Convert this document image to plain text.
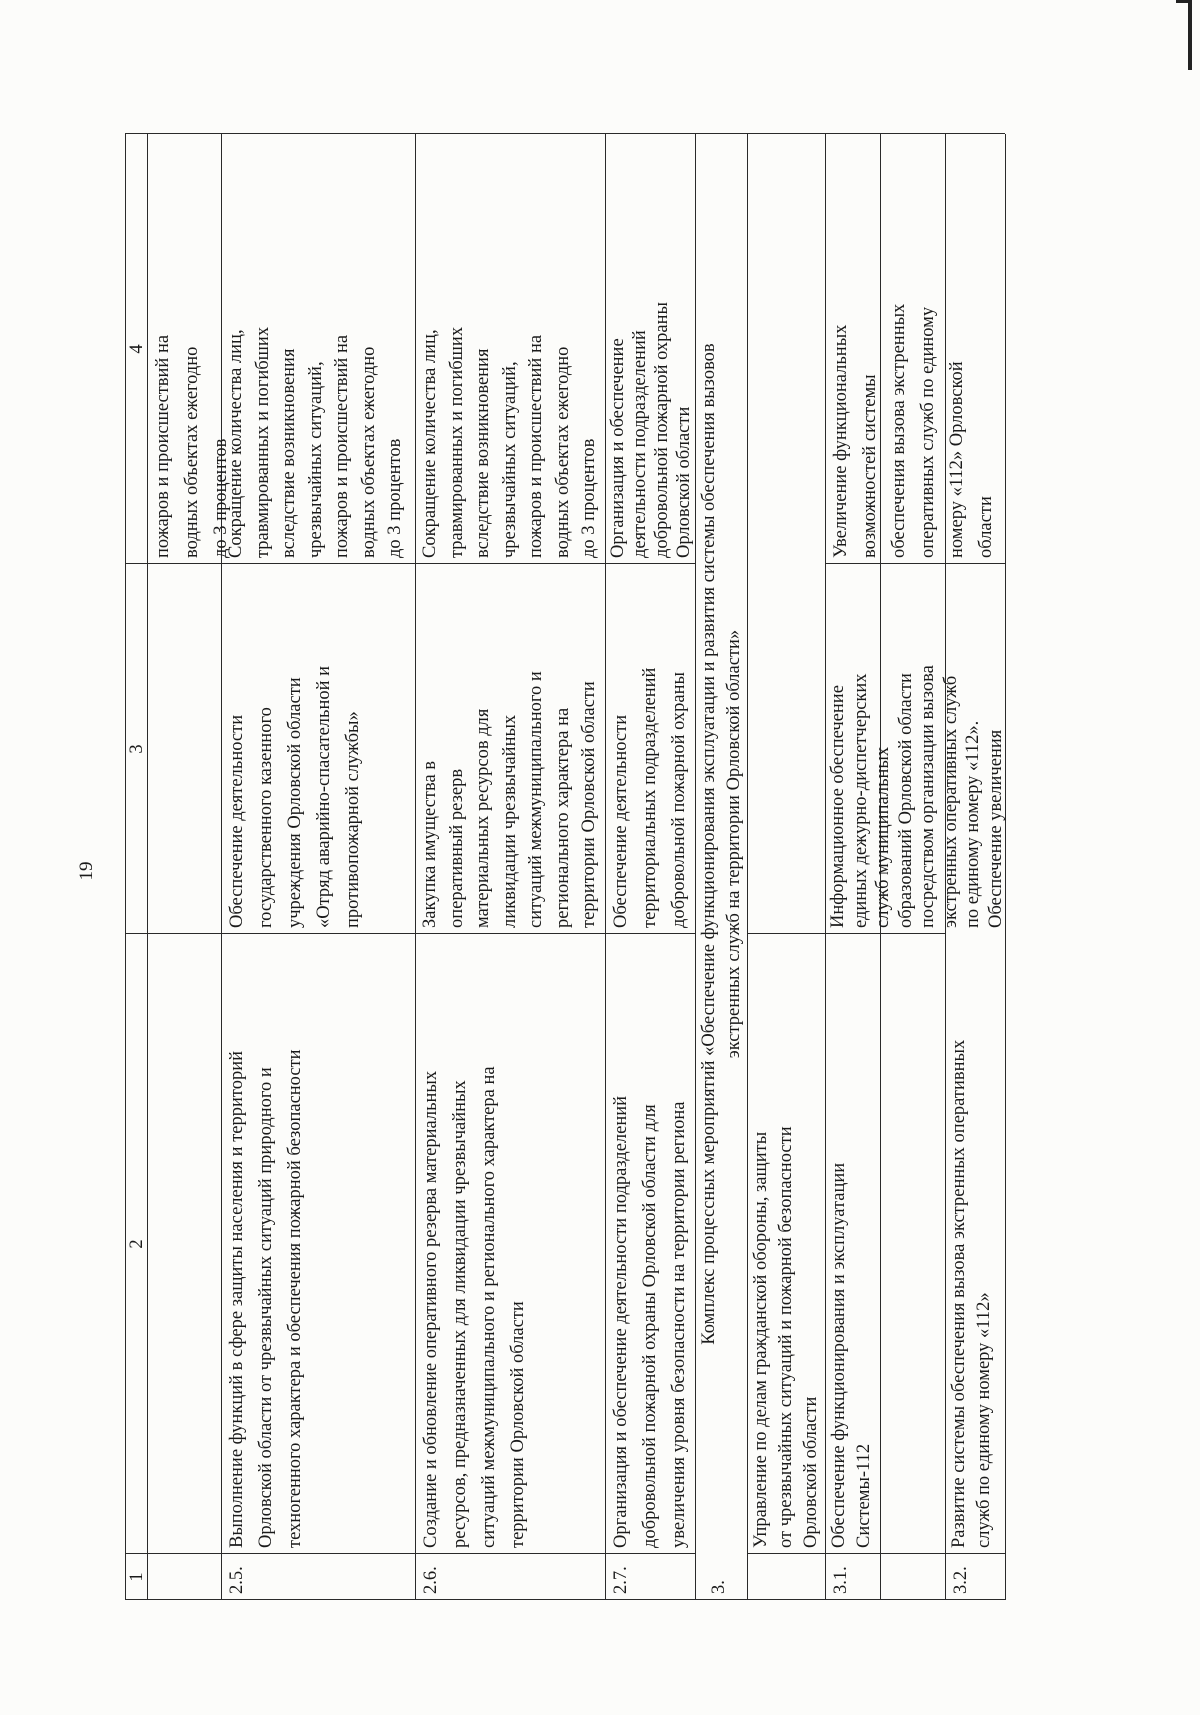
19
1
2
3
4 пожаров и происшествий на водных объектах ежегодно до 3 процентов
2.5.
Выполнение функций в сфере защиты населения и территорий Орловской области от чрезвычайных ситуаций природного и техногенного характера и обеспечения пожарной безопасности
Обеспечение деятельности государственного казенного учреждения Орловской области «Отряд аварийно-спасательной и противопожарной службы»
Сокращение количества лиц, травмированных и погибших вследствие возникновения чрезвычайных ситуаций, пожаров и происшествий на водных объектах ежегодно до 3 процентов
2.6.
Создание и обновление оперативного резерва материальных ресурсов, предназначенных для ликвидации чрезвычайных ситуаций межмуниципального и регионального характера на территории Орловской области
Закупка имущества в оперативный резерв материальных ресурсов для ликвидации чрезвычайных ситуаций межмуниципального и регионального характера на территории Орловской области
Сокращение количества лиц, травмированных и погибших вследствие возникновения чрезвычайных ситуаций, пожаров и происшествий на водных объектах ежегодно до 3 процентов
2.7.
Организация и обеспечение деятельности подразделений добровольной пожарной охраны Орловской области для увеличения уровня безопасности на территории региона
Обеспечение деятельности территориальных подразделений добровольной пожарной охраны
Организация и обеспечение деятельности подразделений добровольной пожарной охраны Орловской области
3.
Комплекс процессных мероприятий «Обеспечение функционирования эксплуатации и развития системы обеспечения вызовов экстренных служб на территории Орловской области»
Управление по делам гражданской обороны, защиты от чрезвычайных ситуаций и пожарной безопасности Орловской области
3.1.
Обеспечение функционирования и эксплуатации Системы-112
Информационное обеспечение единых дежурно-диспетчерских служб муниципальных образований Орловской области посредством организации вызова экстренных оперативных служб по единому номеру «112». Обеспечение увеличения
Увеличение функциональных возможностей системы обеспечения вызова экстренных оперативных служб по единому номеру «112» Орловской области
3.2.
Развитие системы обеспечения вызова экстренных оперативных служб по единому номеру «112»
